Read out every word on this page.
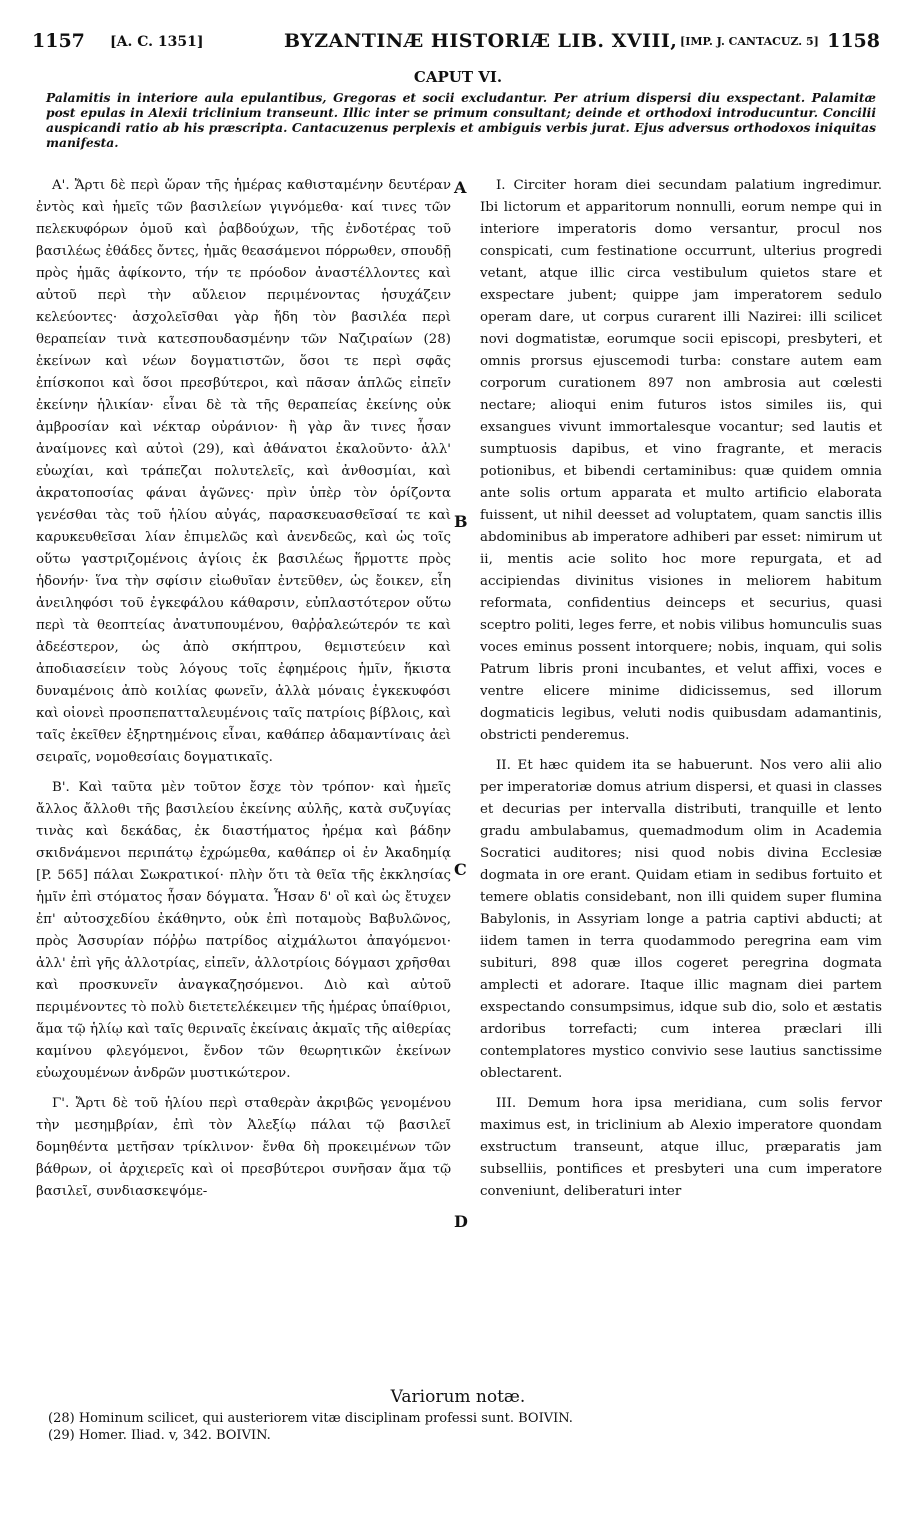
1157 [A. C. 1351]	BYZANTINÆ HISTORIÆ LIB. XVIII, [IMP. J. CANTACUZ. 5] 1158
CAPUT VI.
Palamitis in interiore aula epulantibus, Gregoras et socii excludantur. Per atrium dispersi diu exspectant. Palamitæ post epulas in Alexii triclinium transeunt. Illic inter se primum consultant; deinde et orthodoxi introducuntur. Concilii auspicandi ratio ab his præscripta. Cantacuzenus perplexis et ambiguis verbis jurat. Ejus adversus orthodoxos iniquitas manifesta.

Α'. Ἄρτι δὲ περὶ ὥραν τῆς ἡμέρας καθισταμένην δευτέραν ἐντὸς καὶ ἡμεῖς τῶν βασιλείων γιγνόμεθα· καί τινες τῶν πελεκυφόρων ὁμοῦ καὶ ῥαβδούχων, τῆς ἐνδοτέρας τοῦ βασιλέως ἐθάδες ὄντες, ἡμᾶς θεασάμενοι πόρρωθεν, σπουδῇ πρὸς ἡμᾶς ἀφίκοντο, τήν τε πρόοδον ἀναστέλλοντες καὶ αὐτοῦ περὶ τὴν αὔλειον περιμένοντας ἡσυχάζειν κελεύοντες· ἀσχολεῖσθαι γὰρ ἤδη τὸν βασιλέα περὶ θεραπείαν τινὰ κατεσπουδασμένην τῶν Ναζιραίων (28) ἐκείνων καὶ νέων δογματιστῶν, ὅσοι τε περὶ σφᾶς ἐπίσκοποι καὶ ὅσοι πρεσβύτεροι, καὶ πᾶσαν ἁπλῶς εἰπεῖν ἐκείνην ἡλικίαν· εἶναι δὲ τὰ τῆς θεραπείας ἐκείνης οὐκ ἀμβροσίαν καὶ νέκταρ οὐράνιον· ἢ γὰρ ἂν τινες ἦσαν ἀναίμονες καὶ αὐτοὶ (29), καὶ ἀθάνατοι ἐκαλοῦντο· ἀλλ' εὐωχίαι, καὶ τράπεζαι πολυτελεῖς, καὶ ἀνθοσμίαι, καὶ ἀκρατοποσίας φάναι ἀγῶνες· πρὶν ὑπὲρ τὸν ὁρίζοντα γενέσθαι τὰς τοῦ ἡλίου αὐγάς, παρασκευασθεῖσαί τε καὶ καρυκευθεῖσαι λίαν ἐπιμελῶς καὶ ἀνενδεῶς, καὶ ὡς τοῖς οὕτω γαστριζομένοις ἁγίοις ἐκ βασιλέως ἥρμοττε πρὸς ἡδονήν· ἵνα τὴν σφίσιν εἰωθυῖαν ἐντεῦθεν, ὡς ἔοικεν, εἶη ἀνειληφόσι τοῦ ἐγκεφάλου κάθαρσιν, εὐπλαστότερον οὕτω περὶ τὰ θεοπτείας ἀνατυπουμένου, θαῤῥαλεώτερόν τε καὶ ἀδεέστερον, ὡς ἀπὸ σκήπτρου, θεμιστεύειν καὶ ἀποδιασείειν τοὺς λόγους τοῖς ἐφημέροις ἡμῖν, ἥκιστα δυναμένοις ἀπὸ κοιλίας φωνεῖν, ἀλλὰ μόναις ἐγκεκυφόσι καὶ οἱονεὶ προσπεπατταλευμένοις ταῖς πατρίοις βίβλοις, καὶ ταῖς ἐκεῖθεν ἐξηρτημένοις εἶναι, καθάπερ ἀδαμαντίναις ἀεὶ σειραῖς, νομοθεσίαις δογματικαῖς.

Β'. Καὶ ταῦτα μὲν τοῦτον ἔσχε τὸν τρόπον· καὶ ἡμεῖς ἄλλος ἄλλοθι τῆς βασιλείου ἐκείνης αὐλῆς, κατὰ συζυγίας τινὰς καὶ δεκάδας, ἐκ διαστήματος ἠρέμα καὶ βάδην σκιδνάμενοι περιπάτῳ ἐχρώμεθα, καθάπερ οἱ ἐν Ἀκαδημίᾳ [P. 565] πάλαι Σωκρατικοί· πλὴν ὅτι τὰ θεῖα τῆς ἐκκλησίας ἡμῖν ἐπὶ στόματος ἦσαν δόγματα. Ἦσαν δ' οἳ καὶ ὡς ἔτυχεν ἐπ' αὐτοσχεδίου ἐκάθηντο, οὐκ ἐπὶ ποταμοὺς Βαβυλῶνος, πρὸς Ἀσσυρίαν πόῤῥω πατρίδος αἰχμάλωτοι ἀπαγόμενοι· ἀλλ' ἐπὶ γῆς ἀλλοτρίας, εἰπεῖν, ἀλλοτρίοις δόγμασι χρῆσθαι καὶ προσκυνεῖν ἀναγκαζησόμενοι. Διὸ καὶ αὐτοῦ περιμένοντες τὸ πολὺ διετετελέκειμεν τῆς ἡμέρας ὑπαίθριοι, ἅμα τῷ ἡλίῳ καὶ ταῖς θεριναῖς ἐκείναις ἀκμαῖς τῆς αἰθερίας καμίνου φλεγόμενοι, ἔνδον τῶν θεωρητικῶν ἐκείνων εὐωχουμένων ἀνδρῶν μυστικώτερον.

Γ'. Ἄρτι δὲ τοῦ ἡλίου περὶ σταθερὰν ἀκριβῶς γενομένου τὴν μεσημβρίαν, ἐπὶ τὸν Ἀλεξίῳ πάλαι τῷ βασιλεῖ δομηθέντα μετῆσαν τρίκλινον· ἔνθα δὴ προκειμένων τῶν βάθρων, οἱ ἀρχιερεῖς καὶ οἱ πρεσβύτεροι συνῆσαν ἅμα τῷ βασιλεῖ, συνδιασκεψόμε-

A
B
C
D

I. Circiter horam diei secundam palatium ingredimur. Ibi lictorum et apparitorum nonnulli, eorum nempe qui in interiore imperatoris domo versantur, procul nos conspicati, cum festinatione occurrunt, ulterius progredi vetant, atque illic circa vestibulum quietos stare et exspectare jubent; quippe jam imperatorem sedulo operam dare, ut corpus curarent illi Nazirei: illi scilicet novi dogmatistæ, eorumque socii episcopi, presbyteri, et omnis prorsus ejuscemodi turba: constare autem eam corporum curationem 897 non ambrosia aut cœlesti nectare; alioqui enim futuros istos similes iis, qui exsangues vivunt immortalesque vocantur; sed lautis et sumptuosis dapibus, et vino fragrante, et meracis potionibus, et bibendi certaminibus: quæ quidem omnia ante solis ortum apparata et multo artificio elaborata fuissent, ut nihil deesset ad voluptatem, quam sanctis illis abdominibus ab imperatore adhiberi par esset: nimirum ut ii, mentis acie solito hoc more repurgata, et ad accipiendas divinitus visiones in meliorem habitum reformata, confidentius deinceps et securius, quasi sceptro politi, leges ferre, et nobis vilibus homunculis suas voces eminus possent intorquere; nobis, inquam, qui solis Patrum libris proni incubantes, et velut affixi, voces e ventre elicere minime didicissemus, sed illorum dogmaticis legibus, veluti nodis quibusdam adamantinis, obstricti penderemus.

II. Et hæc quidem ita se habuerunt. Nos vero alii alio per imperatoriæ domus atrium dispersi, et quasi in classes et decurias per intervalla distributi, tranquille et lento gradu ambulabamus, quemadmodum olim in Academia Socratici auditores; nisi quod nobis divina Ecclesiæ dogmata in ore erant. Quidam etiam in sedibus fortuito et temere oblatis considebant, non illi quidem super flumina Babylonis, in Assyriam longe a patria captivi abducti; at iidem tamen in terra quodammodo peregrina eam vim subituri, 898 quæ illos cogeret peregrina dogmata amplecti et adorare. Itaque illic magnam diei partem exspectando consumpsimus, idque sub dio, solo et æstatis ardoribus torrefacti; cum interea præclari illi contemplatores mystico convivio sese lautius sanctissime oblectarent.

III. Demum hora ipsa meridiana, cum solis fervor maximus est, in triclinium ab Alexio imperatore quondam exstructum transeunt, atque illuc, præparatis jam subselliis, pontifices et presbyteri una cum imperatore conveniunt, deliberaturi inter

Variorum notæ.
(28) Hominum scilicet, qui austeriorem vitæ disciplinam professi sunt. BOIVIN.
(29) Homer. Iliad. v, 342. BOIVIN.
